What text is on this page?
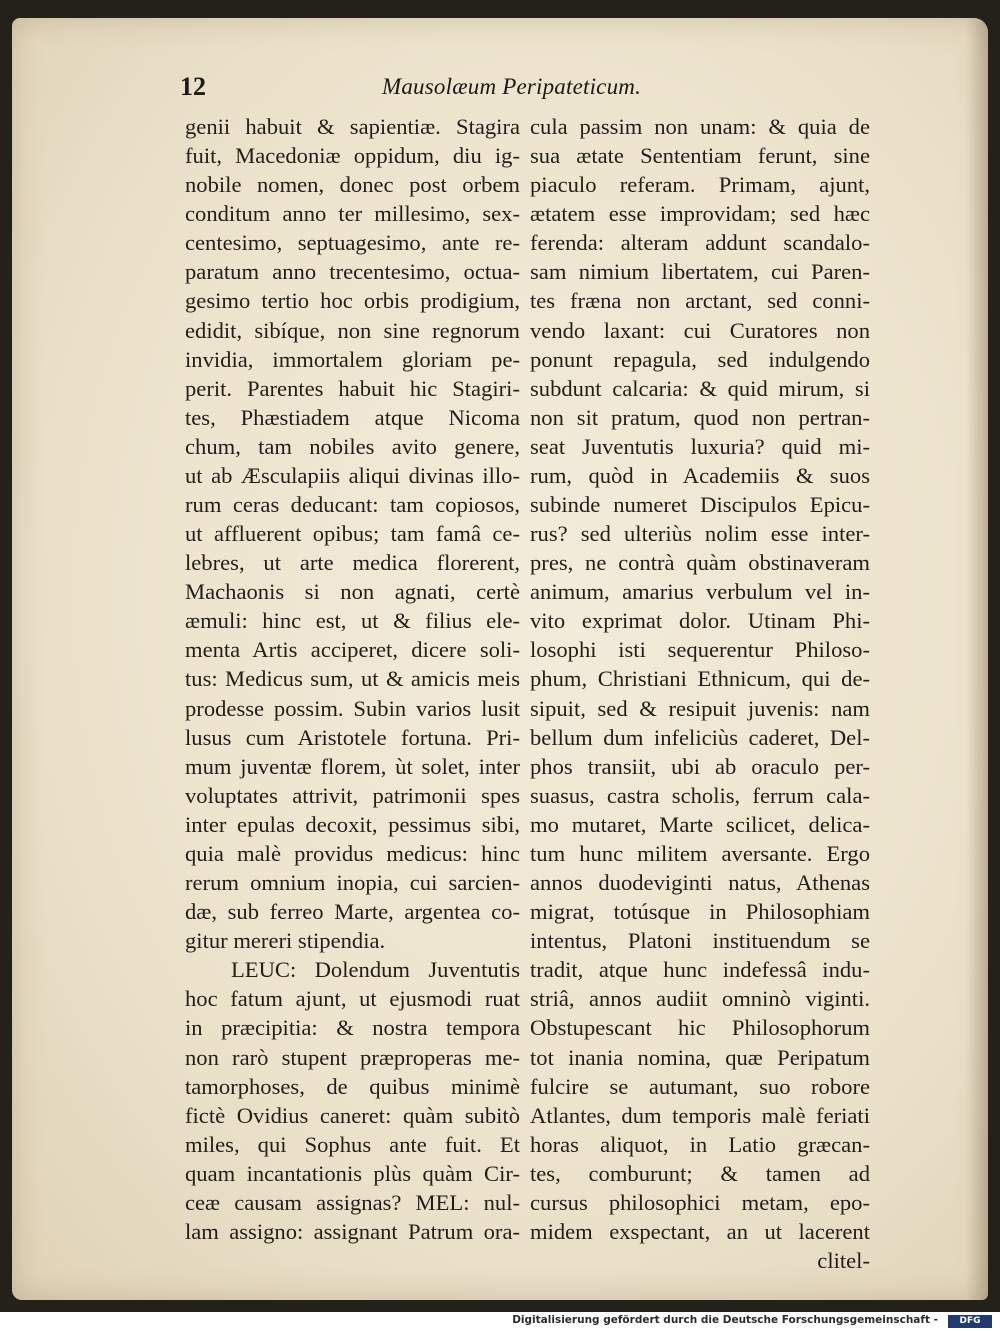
12	Mausolæum Peripateticum.
genii habuit & sapientiæ. Stagira
fuit, Macedoniæ oppidum, diu ig-
nobile nomen, donec post orbem
conditum anno ter millesimo, sex-
centesimo, septuagesimo, ante re-
paratum anno trecentesimo, octua-
gesimo tertio hoc orbis prodigium,
edidit, sibíque, non sine regnorum
invidia, immortalem gloriam pe-
perit. Parentes habuit hic Stagiri-
tes, Phæstiadem atque Nicoma
chum, tam nobiles avito genere,
ut ab Æsculapiis aliqui divinas illo-
rum ceras deducant: tam copiosos,
ut affluerent opibus; tam famâ ce-
lebres, ut arte medica florerent,
Machaonis si non agnati, certè
æmuli: hinc est, ut & filius ele-
menta Artis acciperet, dicere soli-
tus: Medicus sum, ut & amicis meis
prodesse possim. Subin varios lusit
lusus cum Aristotele fortuna. Pri-
mum juventæ florem, ùt solet, inter
voluptates attrivit, patrimonii spes
inter epulas decoxit, pessimus sibi,
quia malè providus medicus: hinc
rerum omnium inopia, cui sarcien-
dæ, sub ferreo Marte, argentea co-
gitur mereri stipendia.
LEUC: Dolendum Juventutis
hoc fatum ajunt, ut ejusmodi ruat
in præcipitia: & nostra tempora
non rarò stupent præproperas me-
tamorphoses, de quibus minimè
fictè Ovidius caneret: quàm subitò
miles, qui Sophus ante fuit. Et
quam incantationis plùs quàm Cir-
ceæ causam assignas? MEL: nul-
lam assigno: assignant Patrum ora-
cula passim non unam: & quia de
sua ætate Sententiam ferunt, sine
piaculo referam. Primam, ajunt,
ætatem esse improvidam; sed hæc
ferenda: alteram addunt scandalo-
sam nimium libertatem, cui Paren-
tes fræna non arctant, sed conni-
vendo laxant: cui Curatores non
ponunt repagula, sed indulgendo
subdunt calcaria: & quid mirum, si
non sit pratum, quod non pertran-
seat Juventutis luxuria? quid mi-
rum, quòd in Academiis & suos
subinde numeret Discipulos Epicu-
rus? sed ulteriùs nolim esse inter-
pres, ne contrà quàm obstinaveram
animum, amarius verbulum vel in-
vito exprimat dolor. Utinam Phi-
losophi isti sequerentur Philoso-
phum, Christiani Ethnicum, qui de-
sipuit, sed & resipuit juvenis: nam
bellum dum infeliciùs caderet, Del-
phos transiit, ubi ab oraculo per-
suasus, castra scholis, ferrum cala-
mo mutaret, Marte scilicet, delica-
tum hunc militem aversante. Ergo
annos duodeviginti natus, Athenas
migrat, totúsque in Philosophiam
intentus, Platoni instituendum se
tradit, atque hunc indefessâ indu-
striâ, annos audiit omninò viginti.
Obstupescant hic Philosophorum
tot inania nomina, quæ Peripatum
fulcire se autumant, suo robore
Atlantes, dum temporis malè feriati
horas aliquot, in Latio græcan-
tes, comburunt; & tamen ad
cursus philosophici metam, epo-
midem exspectant, an ut lacerent
clitel-
Digitalisierung gefördert durch die Deutsche Forschungsgemeinschaft -	DFG
